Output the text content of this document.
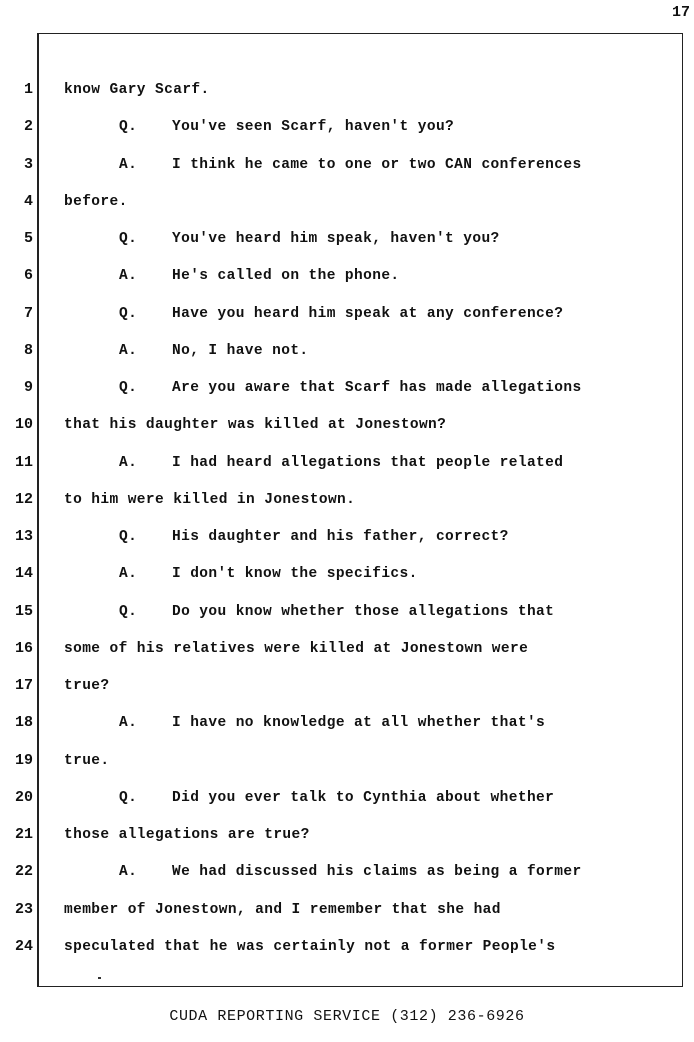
17
1 know Gary Scarf.
2	Q. You've seen Scarf, haven't you?
3	A. I think he came to one or two CAN conferences
4 before.
5	Q. You've heard him speak, haven't you?
6	A. He's called on the phone.
7	Q. Have you heard him speak at any conference?
8	A. No, I have not.
9	Q. Are you aware that Scarf has made allegations
10 that his daughter was killed at Jonestown?
11	A. I had heard allegations that people related
12 to him were killed in Jonestown.
13	Q. His daughter and his father, correct?
14	A. I don't know the specifics.
15	Q. Do you know whether those allegations that
16 some of his relatives were killed at Jonestown were
17 true?
18	A. I have no knowledge at all whether that's
19 true.
20	Q. Did you ever talk to Cynthia about whether
21 those allegations are true?
22	A. We had discussed his claims as being a former
23 member of Jonestown, and I remember that she had
24 speculated that he was certainly not a former People's
CUDA REPORTING SERVICE (312) 236-6926
